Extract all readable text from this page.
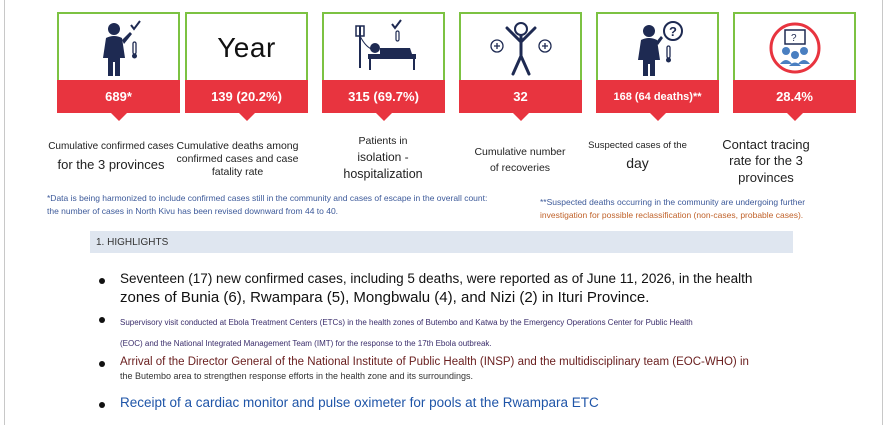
689*
Year
139 (20.2%)	315 (69.7%)	32
?
168 (64 deaths)**
?
28.4%
Cumulative confirmed cases
for the 3 provinces
Cumulative deaths among
confirmed cases and case
fatality rate
Patients in
isolation -
hospitalization
Cumulative number
of recoveries
Suspected cases of the
day
Contact tracing
rate for the 3
provinces
*Data is being harmonized to include confirmed cases still in the community and cases of escape in the overall count:
the number of cases in North Kivu has been revised downward from 44 to 40.
**Suspected deaths occurring in the community are undergoing further
investigation for possible reclassification (non-cases, probable cases).
1. HIGHLIGHTS
Seventeen (17) new confirmed cases, including 5 deaths, were reported as of June 11, 2026, in the health
zones of Bunia (6), Rwampara (5), Mongbwalu (4), and Nizi (2) in Ituri Province.
Supervisory visit conducted at Ebola Treatment Centers (ETCs) in the health zones of Butembo and Katwa by the Emergency Operations Center for Public Health
(EOC) and the National Integrated Management Team (IMT) for the response to the 17th Ebola outbreak.
Arrival of the Director General of the National Institute of Public Health (INSP) and the multidisciplinary team (EOC-WHO) in
the Butembo area to strengthen response efforts in the health zone and its surroundings.
Receipt of a cardiac monitor and pulse oximeter for pools at the Rwampara ETC
